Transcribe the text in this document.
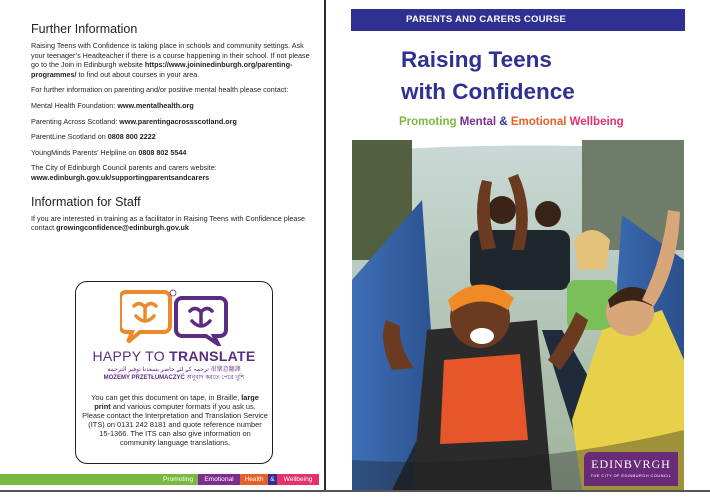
Further Information

Raising Teens with Confidence is taking place in schools and community settings. Ask your teenager’s Headteacher if there is a course happening in their school. If not please go to the Join in Edinburgh website https://www.joininedinburgh.org/parenting-programmes/ to find out about courses in your area.

For further information on parenting and/or positive mental health please contact:

Mental Health Foundation: www.mentalhealth.org

Parenting Across Scotland: www.parentingacrossscotland.org

ParentLine Scotland on 0808 800 2222

YoungMinds Parents’ Helpline on 0808 802 5544

The City of Edinburgh Council parents and carers website:
www.edinburgh.gov.uk/supportingparentsandcarers

Information for Staff

If you are interested in training as a facilitator in Raising Teens with Confidence please contact growingconfidence@edinburgh.gov.uk

HAPPY TO TRANSLATE
ترجمہ کے لئے حاضر بسعدنا توفير الترجمة 很樂意翻譯
MOŻEMY PRZETŁUMACZYĆ অনুবাদ করতে পেরে খুশি
You can get this document on tape, in Braille, large print and various computer formats if you ask us. Please contact the Interpretation and Translation Service (ITS) on 0131 242 8181 and quote reference number 15-1366. The ITS can also give information on community language translations.
Promoting	Emotional	Health	&	Wellbeing
PARENTS AND CARERS COURSE
Raising Teens
with Confidence
Promoting Mental & Emotional Wellbeing
EDINBVRGH
THE CITY OF EDINBURGH COUNCIL
